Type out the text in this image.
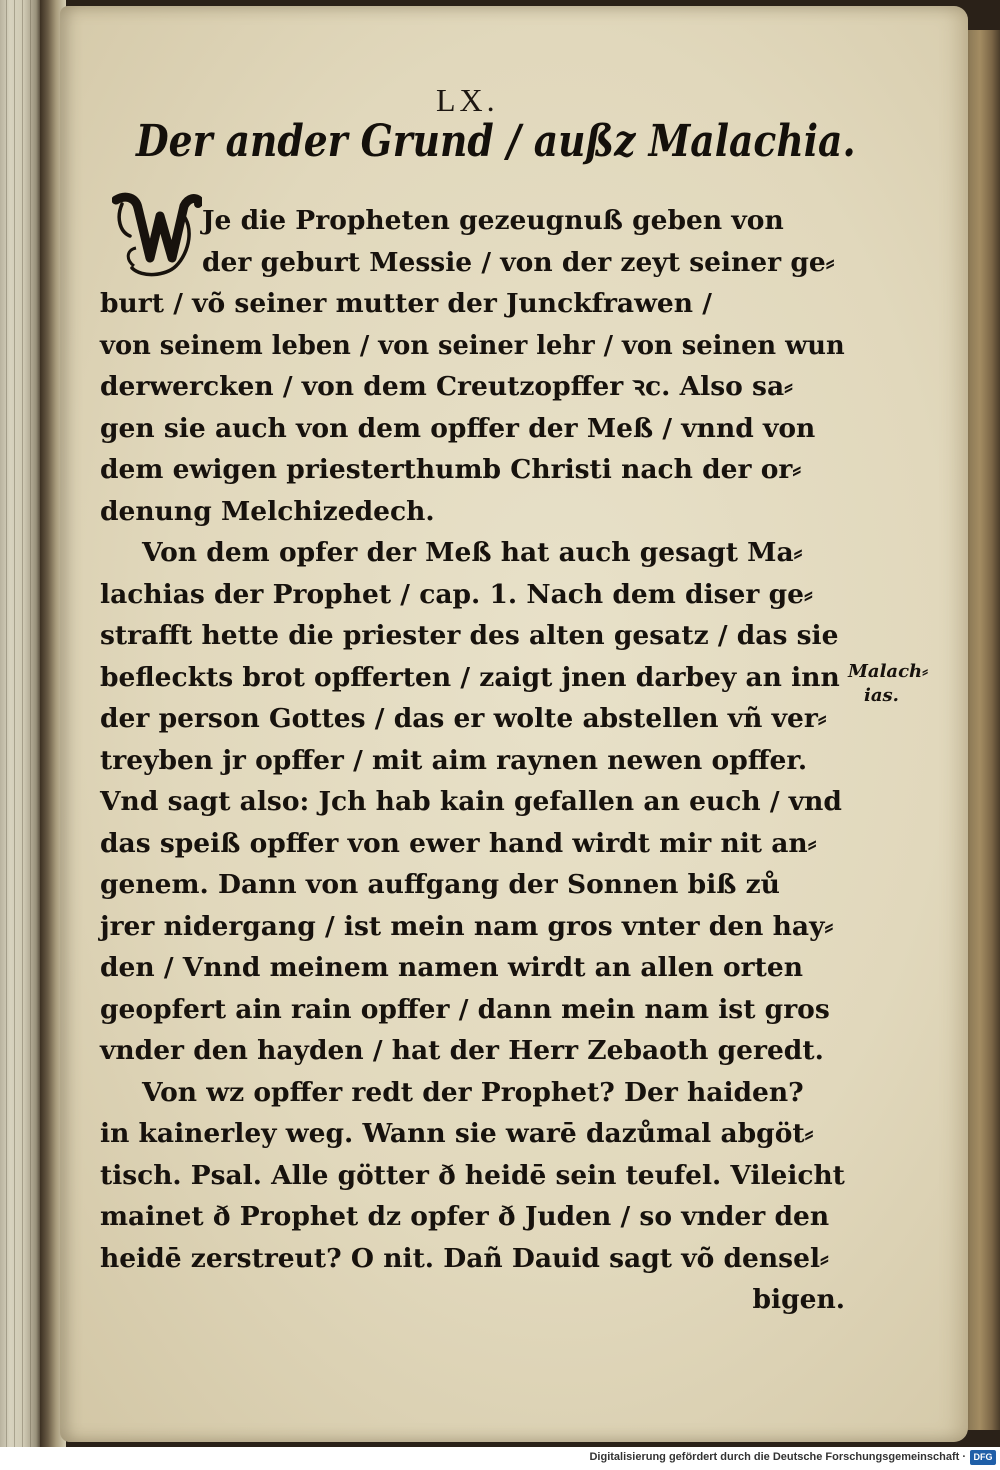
LX.
Der ander Grund / außz Malachia.
Je die Propheten gezeugnuß geben von
der geburt Messie / von der zeyt seiner ge⸗
burt / võ seiner mutter der Junckfrawen /
von seinem leben / von seiner lehr / von seinen wun
derwercken / von dem Creutzopffer ꝛc. Also sa⸗
gen sie auch von dem opffer der Meß / vnnd von
dem ewigen priesterthumb Christi nach der or⸗
denung Melchizedech.
Von dem opfer der Meß hat auch gesagt Ma⸗
lachias der Prophet / cap. 1. Nach dem diser ge⸗
strafft hette die priester des alten gesatz / das sie
befleckts brot opfferten / zaigt jnen darbey an inn
der person Gottes / das er wolte abstellen vñ ver⸗
treyben jr opffer / mit aim raynen newen opffer.
Vnd sagt also: Jch hab kain gefallen an euch / vnd
das speiß opffer von ewer hand wirdt mir nit an⸗
genem. Dann von auffgang der Sonnen biß zů
jrer nidergang / ist mein nam gros vnter den hay⸗
den / Vnnd meinem namen wirdt an allen orten
geopfert ain rain opffer / dann mein nam ist gros
vnder den hayden / hat der Herr Zebaoth geredt.
Von wz opffer redt der Prophet? Der haiden?
in kainerley weg. Wann sie warē dazůmal abgöt⸗
tisch. Psal. Alle götter ð heidē sein teufel. Vileicht
mainet ð Prophet dz opfer ð Juden / so vnder den
heidē zerstreut? O nit. Dañ Dauid sagt võ densel⸗
bigen.
Malach⸗
ias.
Digitalisierung gefördert durch die Deutsche Forschungsgemeinschaft · DFG
